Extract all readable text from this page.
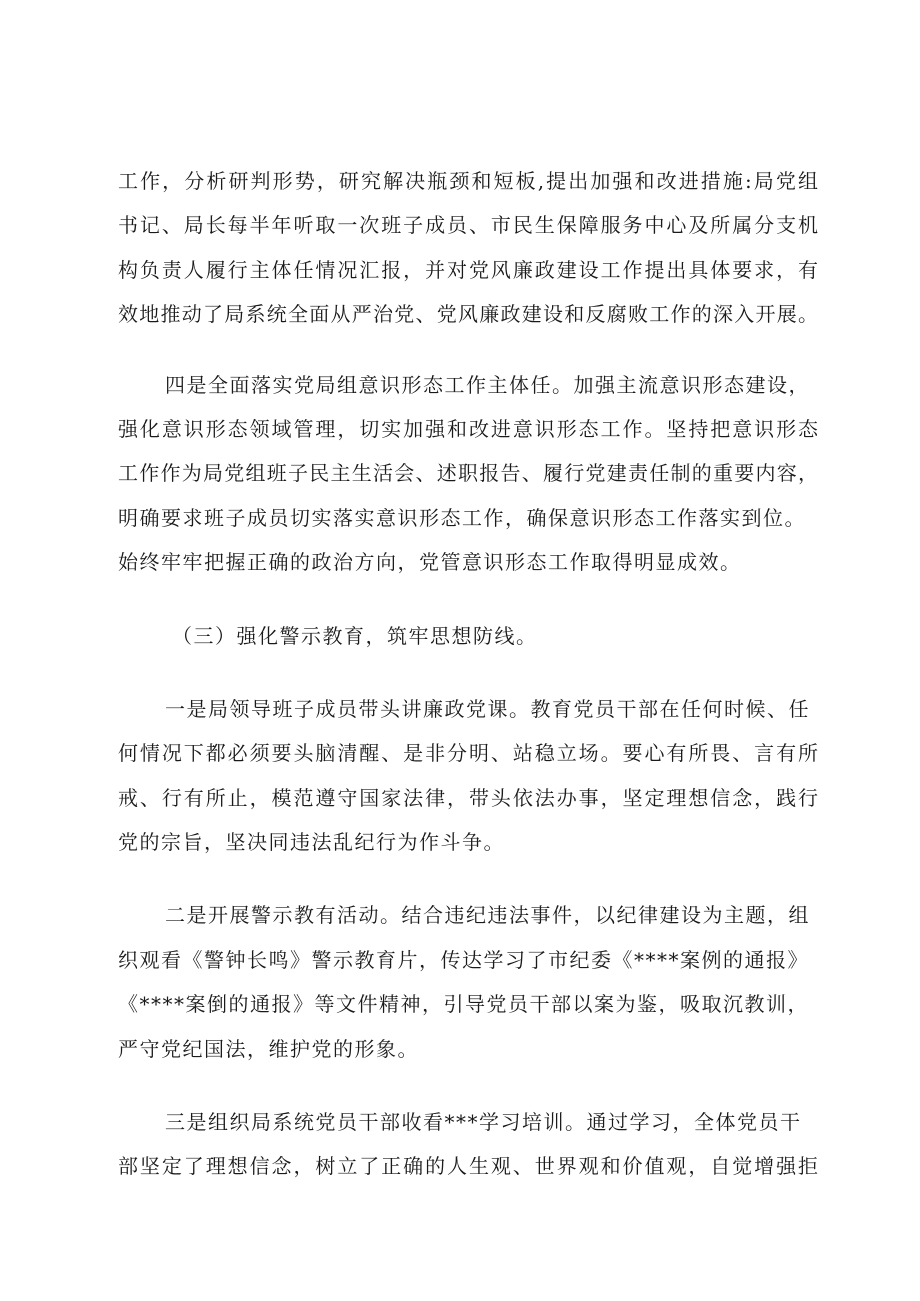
工作，分析研判形势，研究解决瓶颈和短板,提出加强和改进措施:局党组
书记、局长每半年听取一次班子成员、市民生保障服务中心及所属分支机
构负责人履行主体任情况汇报，并对党风廉政建设工作提出具体要求，有
效地推动了局系统全面从严治党、党风廉政建设和反腐败工作的深入开展。
四是全面落实党局组意识形态工作主体任。加强主流意识形态建设，
强化意识形态领域管理，切实加强和改进意识形态工作。坚持把意识形态
工作作为局党组班子民主生活会、述职报告、履行党建责任制的重要内容，
明确要求班子成员切实落实意识形态工作，确保意识形态工作落实到位。
始终牢牢把握正确的政治方向，党管意识形态工作取得明显成效。
（三）强化警示教育，筑牢思想防线。
一是局领导班子成员带头讲廉政党课。教育党员干部在任何时候、任
何情况下都必须要头脑清醒、是非分明、站稳立场。要心有所畏、言有所
戒、行有所止，模范遵守国家法律，带头依法办事，坚定理想信念，践行
党的宗旨，坚决同违法乱纪行为作斗争。
二是开展警示教有活动。结合违纪违法事件，以纪律建设为主题，组
织观看《警钟长鸣》警示教育片，传达学习了市纪委《****案例的通报》
《****案倒的通报》等文件精神，引导党员干部以案为鉴，吸取沉教训，
严守党纪国法，维护党的形象。
三是组织局系统党员干部收看***学习培训。通过学习，全体党员干
部坚定了理想信念，树立了正确的人生观、世界观和价值观，自觉增强拒
